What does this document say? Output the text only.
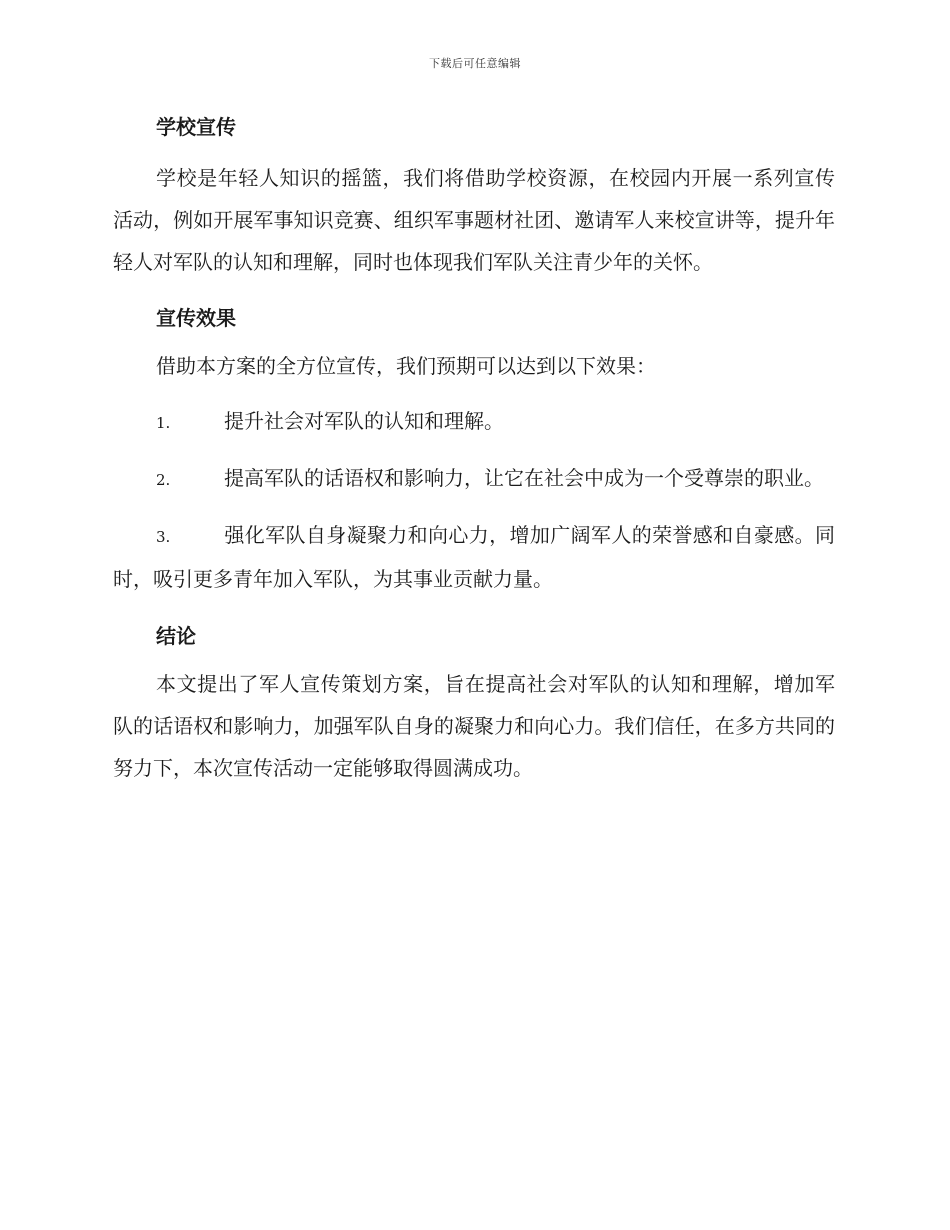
下载后可任意编辑
学校宣传

学校是年轻人知识的摇篮，我们将借助学校资源，在校园内开展一系列宣传活动，例如开展军事知识竞赛、组织军事题材社团、邀请军人来校宣讲等，提升年轻人对军队的认知和理解，同时也体现我们军队关注青少年的关怀。

宣传效果

借助本方案的全方位宣传，我们预期可以达到以下效果：

1.	提升社会对军队的认知和理解。

2.	提高军队的话语权和影响力，让它在社会中成为一个受尊崇的职业。

3.	强化军队自身凝聚力和向心力，增加广阔军人的荣誉感和自豪感。同时，吸引更多青年加入军队，为其事业贡献力量。

结论

本文提出了军人宣传策划方案，旨在提高社会对军队的认知和理解，增加军队的话语权和影响力，加强军队自身的凝聚力和向心力。我们信任，在多方共同的努力下，本次宣传活动一定能够取得圆满成功。
